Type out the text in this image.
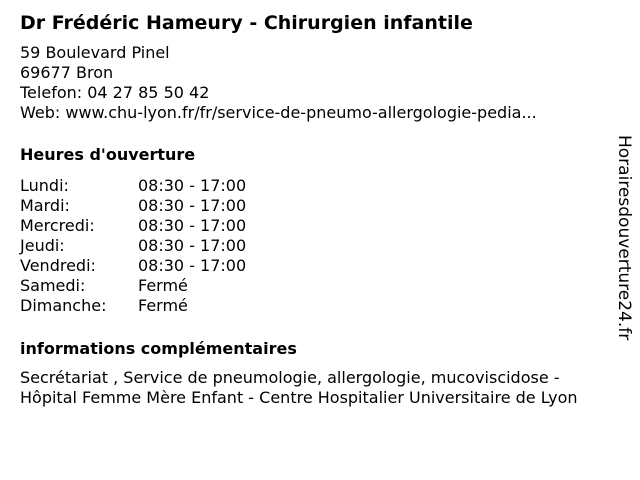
Dr Frédéric Hameury - Chirurgien infantile
59 Boulevard Pinel
69677 Bron
Telefon: 04 27 85 50 42
Web: www.chu-lyon.fr/fr/service-de-pneumo-allergologie-pedia...
Heures d'ouverture
Lundi:	08:30 - 17:00
Mardi:	08:30 - 17:00
Mercredi:	08:30 - 17:00
Jeudi:	08:30 - 17:00
Vendredi:	08:30 - 17:00
Samedi:	Fermé
Dimanche:	Fermé
informations complémentaires
Secrétariat , Service de pneumologie, allergologie, mucoviscidose -
Hôpital Femme Mère Enfant - Centre Hospitalier Universitaire de Lyon
Horairesdouverture24.fr
